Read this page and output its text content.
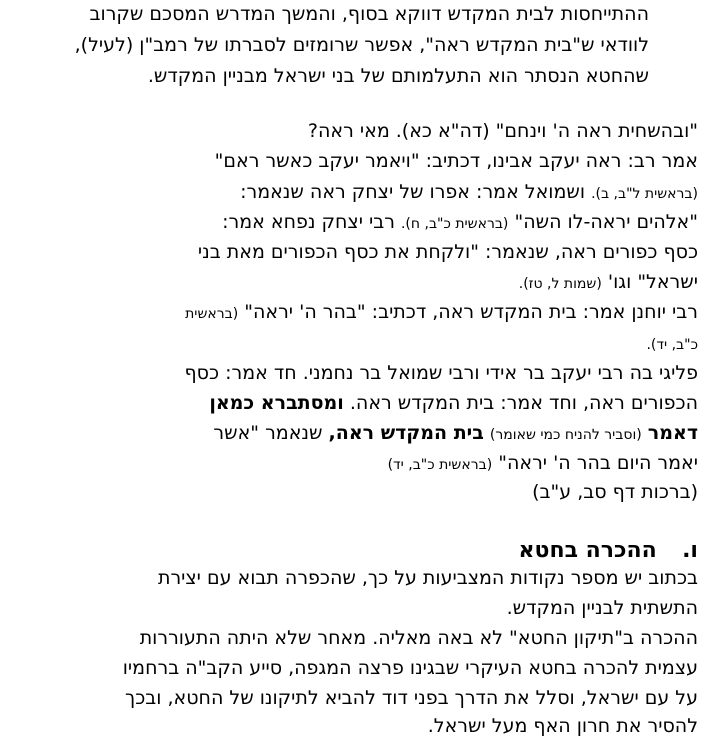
ההתייחסות לבית המקדש דווקא בסוף, והמשך המדרש המסכם שקרוב
לוודאי ש"בית המקדש ראה", אפשר שרומזים לסברתו של רמב"ן (לעיל),
שהחטא הנסתר הוא התעלמותם של בני ישראל מבניין המקדש.
"ובהשחית ראה ה' וינחם" (דה"א כא). מאי ראה?
אמר רב: ראה יעקב אבינו, דכתיב: "ויאמר יעקב כאשר ראם"
(בראשית ל"ב, ב). ושמואל אמר: אפרו של יצחק ראה שנאמר:
"אלהים יראה-לו השה" (בראשית כ"ב, ח). רבי יצחק נפחא אמר:
כסף כפורים ראה, שנאמר: "ולקחת את כסף הכפורים מאת בני
ישראל" וגו' (שמות ל, טז).
רבי יוחנן אמר: בית המקדש ראה, דכתיב: "בהר ה' יראה" (בראשית
כ"ב, יד).
פליגי בה רבי יעקב בר אידי ורבי שמואל בר נחמני. חד אמר: כסף
הכפורים ראה, וחד אמר: בית המקדש ראה. ומסתברא כמאן
דאמר (וסביר להניח כמי שאומר) בית המקדש ראה, שנאמר "אשר
יאמר היום בהר ה' יראה" (בראשית כ"ב, יד)
(ברכות דף סב, ע"ב)
ו.  ההכרה בחטא
בכתוב יש מספר נקודות המצביעות על כך, שהכפרה תבוא עם יצירת
התשתית לבניין המקדש.
ההכרה ב"תיקון החטא" לא באה מאליה. מאחר שלא היתה התעוררות
עצמית להכרה בחטא העיקרי שבגינו פרצה המגפה, סייע הקב"ה ברחמיו
על עם ישראל, וסלל את הדרך בפני דוד להביא לתיקונו של החטא, ובכך
להסיר את חרון האף מעל ישראל.
